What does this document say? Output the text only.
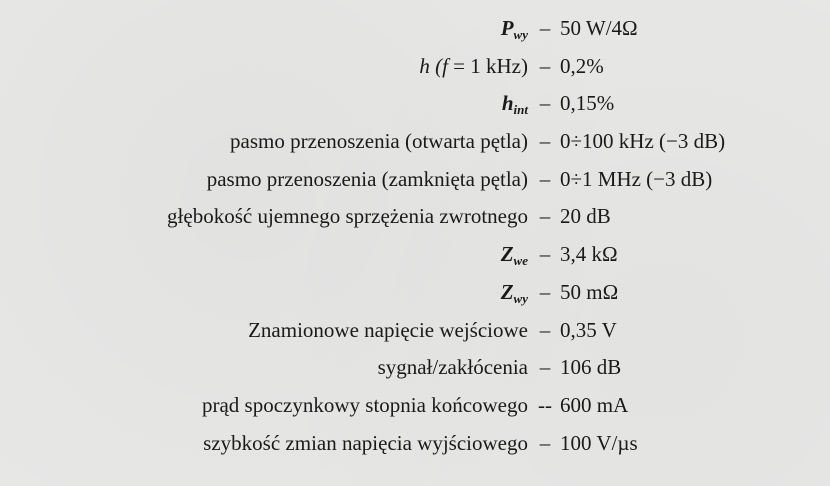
$P_{wy} - 50$ W/4Ω
h (f = 1 kHz) – 0,2%
$h_{int} - 0,15\%$
pasmo przenoszenia (otwarta pętla) – 0÷100 kHz (−3 dB)
pasmo przenoszenia (zamknięta pętla) – 0÷1 MHz (−3 dB)
głębokość ujemnego sprzężenia zwrotnego – 20 dB
$Z_{we} - 3,4$ kΩ
$Z_{wy} - 50$ mΩ
Znamionowe napięcie wejściowe – 0,35 V
sygnał/zakłócenia – 106 dB
prąd spoczynkowy stopnia końcowego -- 600 mA
szybkość zmian napięcia wyjściowego – 100 V/µs
